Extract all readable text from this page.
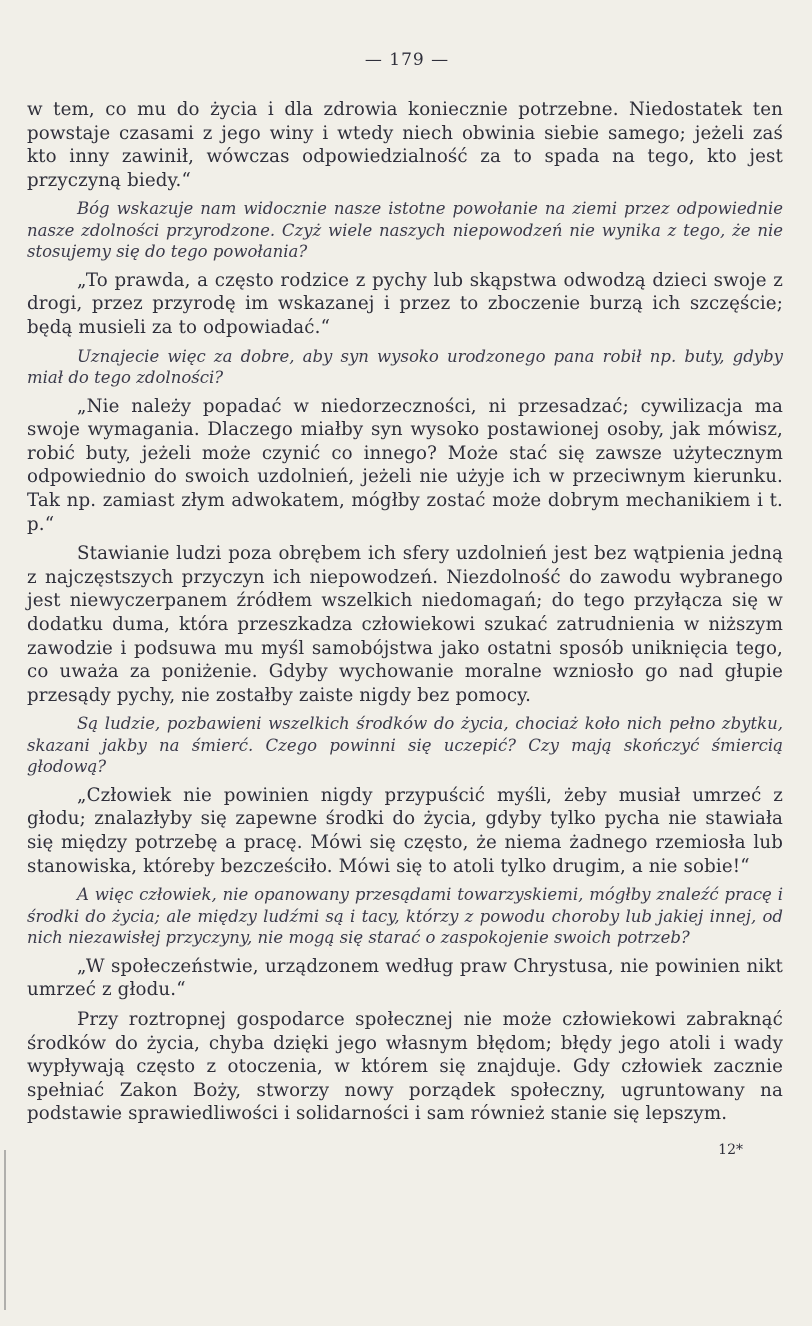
— 179 —

w tem, co mu do życia i dla zdrowia koniecznie potrzebne. Niedostatek ten powstaje czasami z jego winy i wtedy niech obwinia siebie samego; jeżeli zaś kto inny zawinił, wówczas odpowiedzialność za to spada na tego, kto jest przyczyną biedy.“

Bóg wskazuje nam widocznie nasze istotne powołanie na ziemi przez odpowiednie nasze zdolności przyrodzone. Czyż wiele naszych niepowodzeń nie wynika z tego, że nie stosujemy się do tego powołania?

„To prawda, a często rodzice z pychy lub skąpstwa odwodzą dzieci swoje z drogi, przez przyrodę im wskazanej i przez to zboczenie burzą ich szczęście; będą musieli za to odpowiadać.“

Uznajecie więc za dobre, aby syn wysoko urodzonego pana robił np. buty, gdyby miał do tego zdolności?

„Nie należy popadać w niedorzeczności, ni przesadzać; cywilizacja ma swoje wymagania. Dlaczego miałby syn wysoko postawionej osoby, jak mówisz, robić buty, jeżeli może czynić co innego? Może stać się zawsze użytecznym odpowiednio do swoich uzdolnień, jeżeli nie użyje ich w przeciwnym kierunku. Tak np. zamiast złym adwokatem, mógłby zostać może dobrym mechanikiem i t. p.“

Stawianie ludzi poza obrębem ich sfery uzdolnień jest bez wątpienia jedną z najczęstszych przyczyn ich niepowodzeń. Niezdolność do zawodu wybranego jest niewyczerpanem źródłem wszelkich niedomagań; do tego przyłącza się w dodatku duma, która przeszkadza człowiekowi szukać zatrudnienia w niższym zawodzie i podsuwa mu myśl samobójstwa jako ostatni sposób uniknięcia tego, co uważa za poniżenie. Gdyby wychowanie moralne wzniosło go nad głupie przesądy pychy, nie zostałby zaiste nigdy bez pomocy.

Są ludzie, pozbawieni wszelkich środków do życia, chociaż koło nich pełno zbytku, skazani jakby na śmierć. Czego powinni się uczepić? Czy mają skończyć śmiercią głodową?

„Człowiek nie powinien nigdy przypuścić myśli, żeby musiał umrzeć z głodu; znalazłyby się zapewne środki do życia, gdyby tylko pycha nie stawiała się między potrzebę a pracę. Mówi się często, że niema żadnego rzemiosła lub stanowiska, któreby bezcześciło. Mówi się to atoli tylko drugim, a nie sobie!“

A więc człowiek, nie opanowany przesądami towarzyskiemi, mógłby znaleźć pracę i środki do życia; ale między ludźmi są i tacy, którzy z powodu choroby lub jakiej innej, od nich niezawisłej przyczyny, nie mogą się starać o zaspokojenie swoich potrzeb?

„W społeczeństwie, urządzonem według praw Chrystusa, nie powinien nikt umrzeć z głodu.“

Przy roztropnej gospodarce społecznej nie może człowiekowi zabraknąć środków do życia, chyba dzięki jego własnym błędom; błędy jego atoli i wady wypływają często z otoczenia, w którem się znajduje. Gdy człowiek zacznie spełniać Zakon Boży, stworzy nowy porządek społeczny, ugruntowany na podstawie sprawiedliwości i solidarności i sam również stanie się lepszym.

12*
